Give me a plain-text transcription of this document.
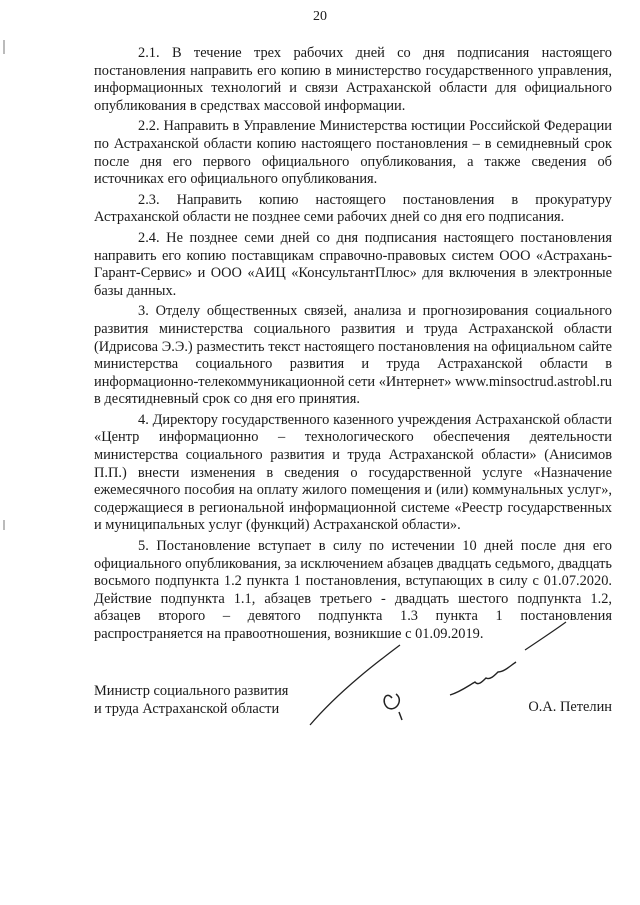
20

2.1. В течение трех рабочих дней со дня подписания настоящего постановления направить его копию в министерство государственного управления, информационных технологий и связи Астраханской области для официального опубликования в средствах массовой информации.

2.2. Направить в Управление Министерства юстиции Российской Федерации по Астраханской области копию настоящего постановления – в семидневный срок после дня его первого официального опубликования, а также сведения об источниках его официального опубликования.

2.3. Направить копию настоящего постановления в прокуратуру Астраханской области не позднее семи рабочих дней со дня его подписания.

2.4. Не позднее семи дней со дня подписания настоящего постановления направить его копию поставщикам справочно-правовых систем ООО «Астрахань-Гарант-Сервис» и ООО «АИЦ «КонсультантПлюс» для включения в электронные базы данных.

3. Отделу общественных связей, анализа и прогнозирования социального развития министерства социального развития и труда Астраханской области (Идрисова Э.Э.) разместить текст настоящего постановления на официальном сайте министерства социального развития и труда Астраханской области в информационно-телекоммуникационной сети «Интернет» www.minsoctrud.astrobl.ru в десятидневный срок со дня его принятия.

4. Директору государственного казенного учреждения Астраханской области «Центр информационно – технологического обеспечения деятельности министерства социального развития и труда Астраханской области» (Анисимов П.П.) внести изменения в сведения о государственной услуге «Назначение ежемесячного пособия на оплату жилого помещения и (или) коммунальных услуг», содержащиеся в региональной информационной системе «Реестр государственных и муниципальных услуг (функций) Астраханской области».

5. Постановление вступает в силу по истечении 10 дней после дня его официального опубликования, за исключением абзацев двадцать седьмого, двадцать восьмого подпункта 1.2 пункта 1 постановления, вступающих в силу с 01.07.2020. Действие подпункта 1.1, абзацев третьего - двадцать шестого подпункта 1.2, абзацев второго – девятого подпункта 1.3 пункта 1 постановления распространяется на правоотношения, возникшие с 01.09.2019.

Министр социального развития
и труда Астраханской области	О.А. Петелин
